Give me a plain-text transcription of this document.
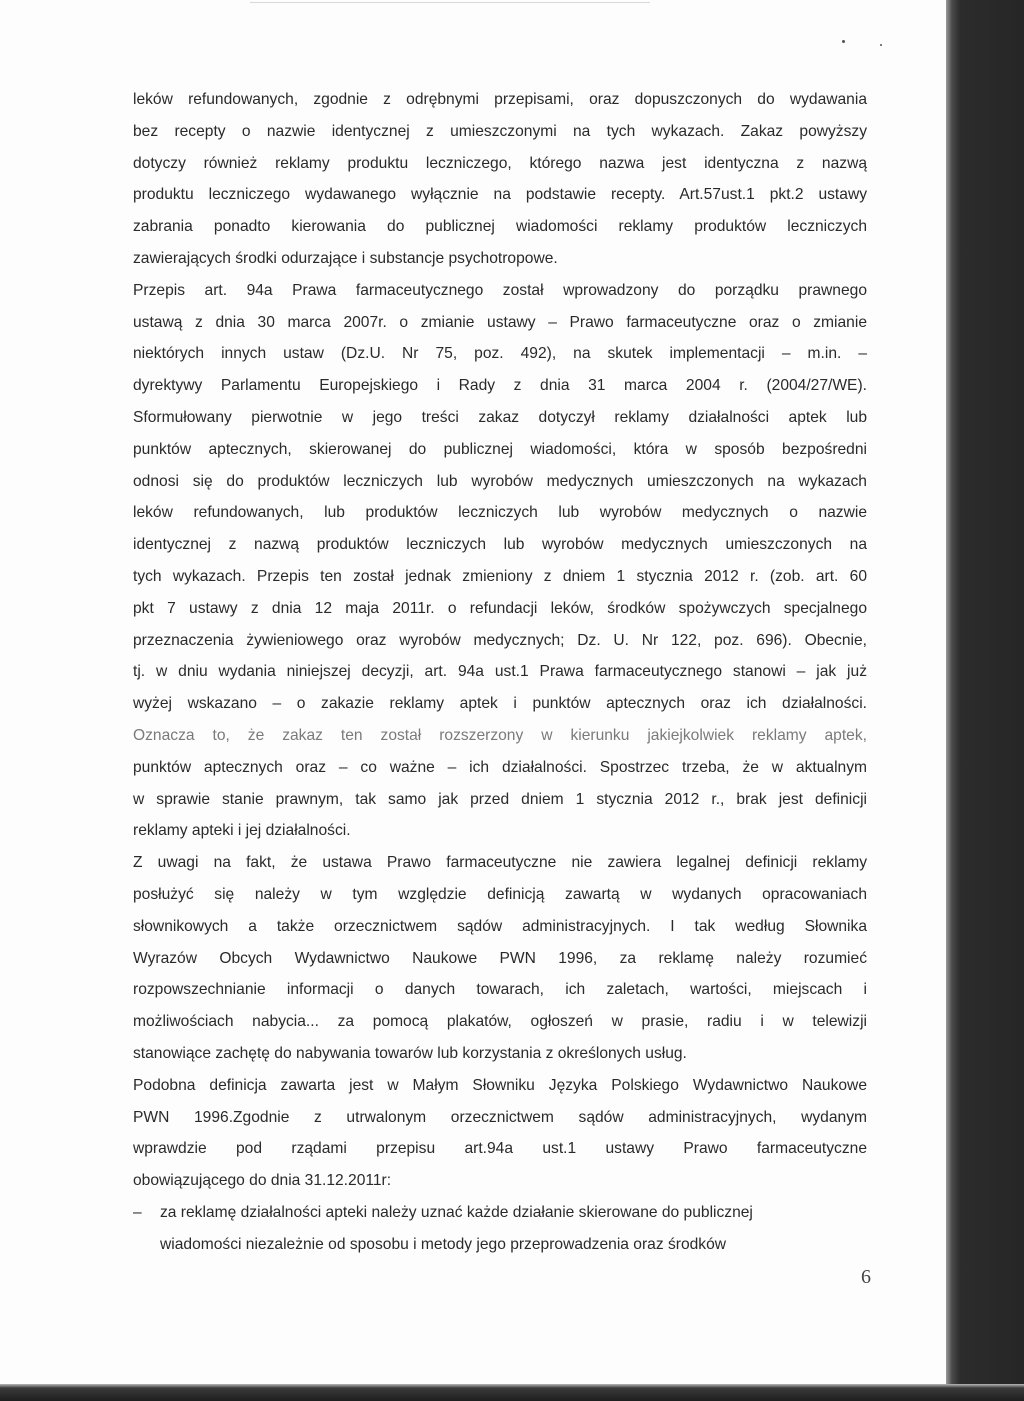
leków refundowanych, zgodnie z odrębnymi przepisami, oraz dopuszczonych do wydawania
bez recepty o nazwie identycznej z umieszczonymi na tych wykazach. Zakaz powyższy
dotyczy również reklamy produktu leczniczego, którego nazwa jest identyczna z nazwą
produktu leczniczego wydawanego wyłącznie na podstawie recepty. Art.57ust.1 pkt.2 ustawy
zabrania ponadto kierowania do publicznej wiadomości reklamy produktów leczniczych
zawierających środki odurzające i substancje psychotropowe.
Przepis art. 94a Prawa farmaceutycznego został wprowadzony do porządku prawnego
ustawą z dnia 30 marca 2007r. o zmianie ustawy – Prawo farmaceutyczne oraz o zmianie
niektórych innych ustaw (Dz.U. Nr 75, poz. 492), na skutek implementacji – m.in. –
dyrektywy Parlamentu Europejskiego i Rady z dnia 31 marca 2004 r. (2004/27/WE).
Sformułowany pierwotnie w jego treści zakaz dotyczył reklamy działalności aptek lub
punktów aptecznych, skierowanej do publicznej wiadomości, która w sposób bezpośredni
odnosi się do produktów leczniczych lub wyrobów medycznych umieszczonych na wykazach
leków refundowanych, lub produktów leczniczych lub wyrobów medycznych o nazwie
identycznej z nazwą produktów leczniczych lub wyrobów medycznych umieszczonych na
tych wykazach. Przepis ten został jednak zmieniony z dniem 1 stycznia 2012 r. (zob. art. 60
pkt 7 ustawy z dnia 12 maja 2011r. o refundacji leków, środków spożywczych specjalnego
przeznaczenia żywieniowego oraz wyrobów medycznych; Dz. U. Nr 122, poz. 696). Obecnie,
tj. w dniu wydania niniejszej decyzji, art. 94a ust.1 Prawa farmaceutycznego stanowi – jak już
wyżej wskazano – o zakazie reklamy aptek i punktów aptecznych oraz ich działalności.
Oznacza to, że zakaz ten został rozszerzony w kierunku jakiejkolwiek reklamy aptek,
punktów aptecznych oraz – co ważne – ich działalności. Spostrzec trzeba, że w aktualnym
w sprawie stanie prawnym, tak samo jak przed dniem 1 stycznia 2012 r., brak jest definicji
reklamy apteki i jej działalności.
Z uwagi na fakt, że ustawa Prawo farmaceutyczne nie zawiera legalnej definicji reklamy
posłużyć się należy w tym względzie definicją zawartą w wydanych opracowaniach
słownikowych a także orzecznictwem sądów administracyjnych. I tak według Słownika
Wyrazów Obcych Wydawnictwo Naukowe PWN 1996, za reklamę należy rozumieć
rozpowszechnianie informacji o danych towarach, ich zaletach, wartości, miejscach i
możliwościach nabycia... za pomocą plakatów, ogłoszeń w prasie, radiu i w telewizji
stanowiące zachętę do nabywania towarów lub korzystania z określonych usług.
Podobna definicja zawarta jest w Małym Słowniku Języka Polskiego Wydawnictwo Naukowe
PWN 1996.Zgodnie z utrwalonym orzecznictwem sądów administracyjnych, wydanym
wprawdzie pod rządami przepisu art.94a ust.1 ustawy Prawo farmaceutyczne
obowiązującego do dnia 31.12.2011r:
–	za reklamę działalności apteki należy uznać każde działanie skierowane do publicznej
wiadomości niezależnie od sposobu i metody jego przeprowadzenia oraz środków
6
